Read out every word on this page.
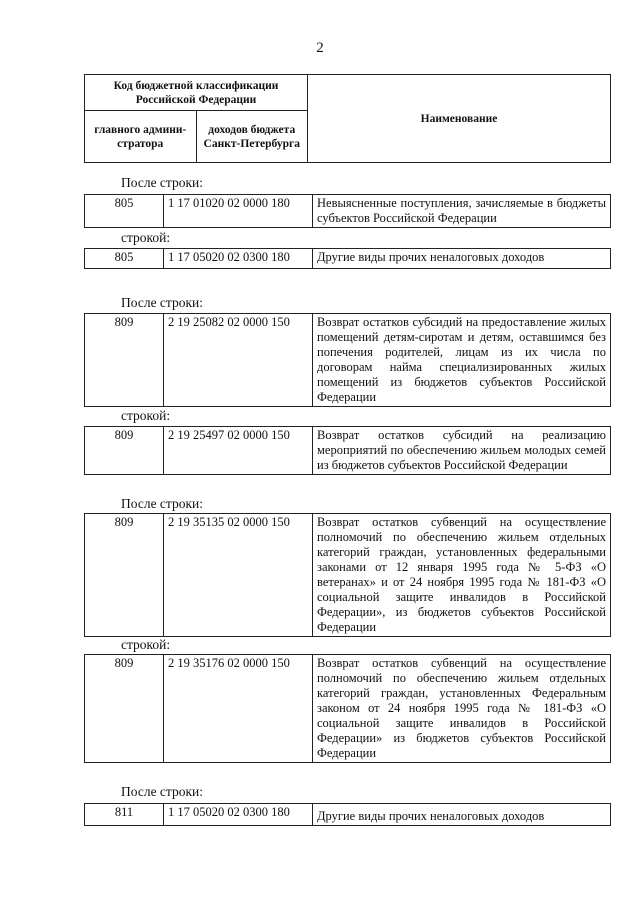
2
Код бюджетной классификации Российской Федерации		Наименование
главного админи-стратора	доходов бюджета Санкт-Петербурга	
После строки:
805	1 17 01020 02 0000 180	Невыясненные поступления, зачисляемые в бюджеты субъектов Российской Федерации
строкой:
805	1 17 05020 02 0300 180	Другие виды прочих неналоговых доходов
После строки:
809	2 19 25082 02 0000 150	Возврат остатков субсидий на предоставление жилых помещений детям-сиротам и детям, оставшимся без попечения родителей, лицам из их числа по договорам найма специализированных жилых помещений из бюджетов субъектов Российской Федерации
строкой:
809	2 19 25497 02 0000 150	Возврат остатков субсидий на реализацию мероприятий по обеспечению жильем молодых семей из бюджетов субъектов Российской Федерации
После строки:
809	2 19 35135 02 0000 150	Возврат остатков субвенций на осуществление полномочий по обеспечению жильем отдельных категорий граждан, установленных федеральными законами от 12 января 1995 года № 5-ФЗ «О ветеранах» и от 24 ноября 1995 года № 181-ФЗ «О социальной защите инвалидов в Российской Федерации», из бюджетов субъектов Российской Федерации
строкой:
809	2 19 35176 02 0000 150	Возврат остатков субвенций на осуществление полномочий по обеспечению жильем отдельных категорий граждан, установленных Федеральным законом от 24 ноября 1995 года № 181-ФЗ «О социальной защите инвалидов в Российской Федерации» из бюджетов субъектов Российской Федерации
После строки:
811	1 17 05020 02 0300 180	Другие виды прочих неналоговых доходов
